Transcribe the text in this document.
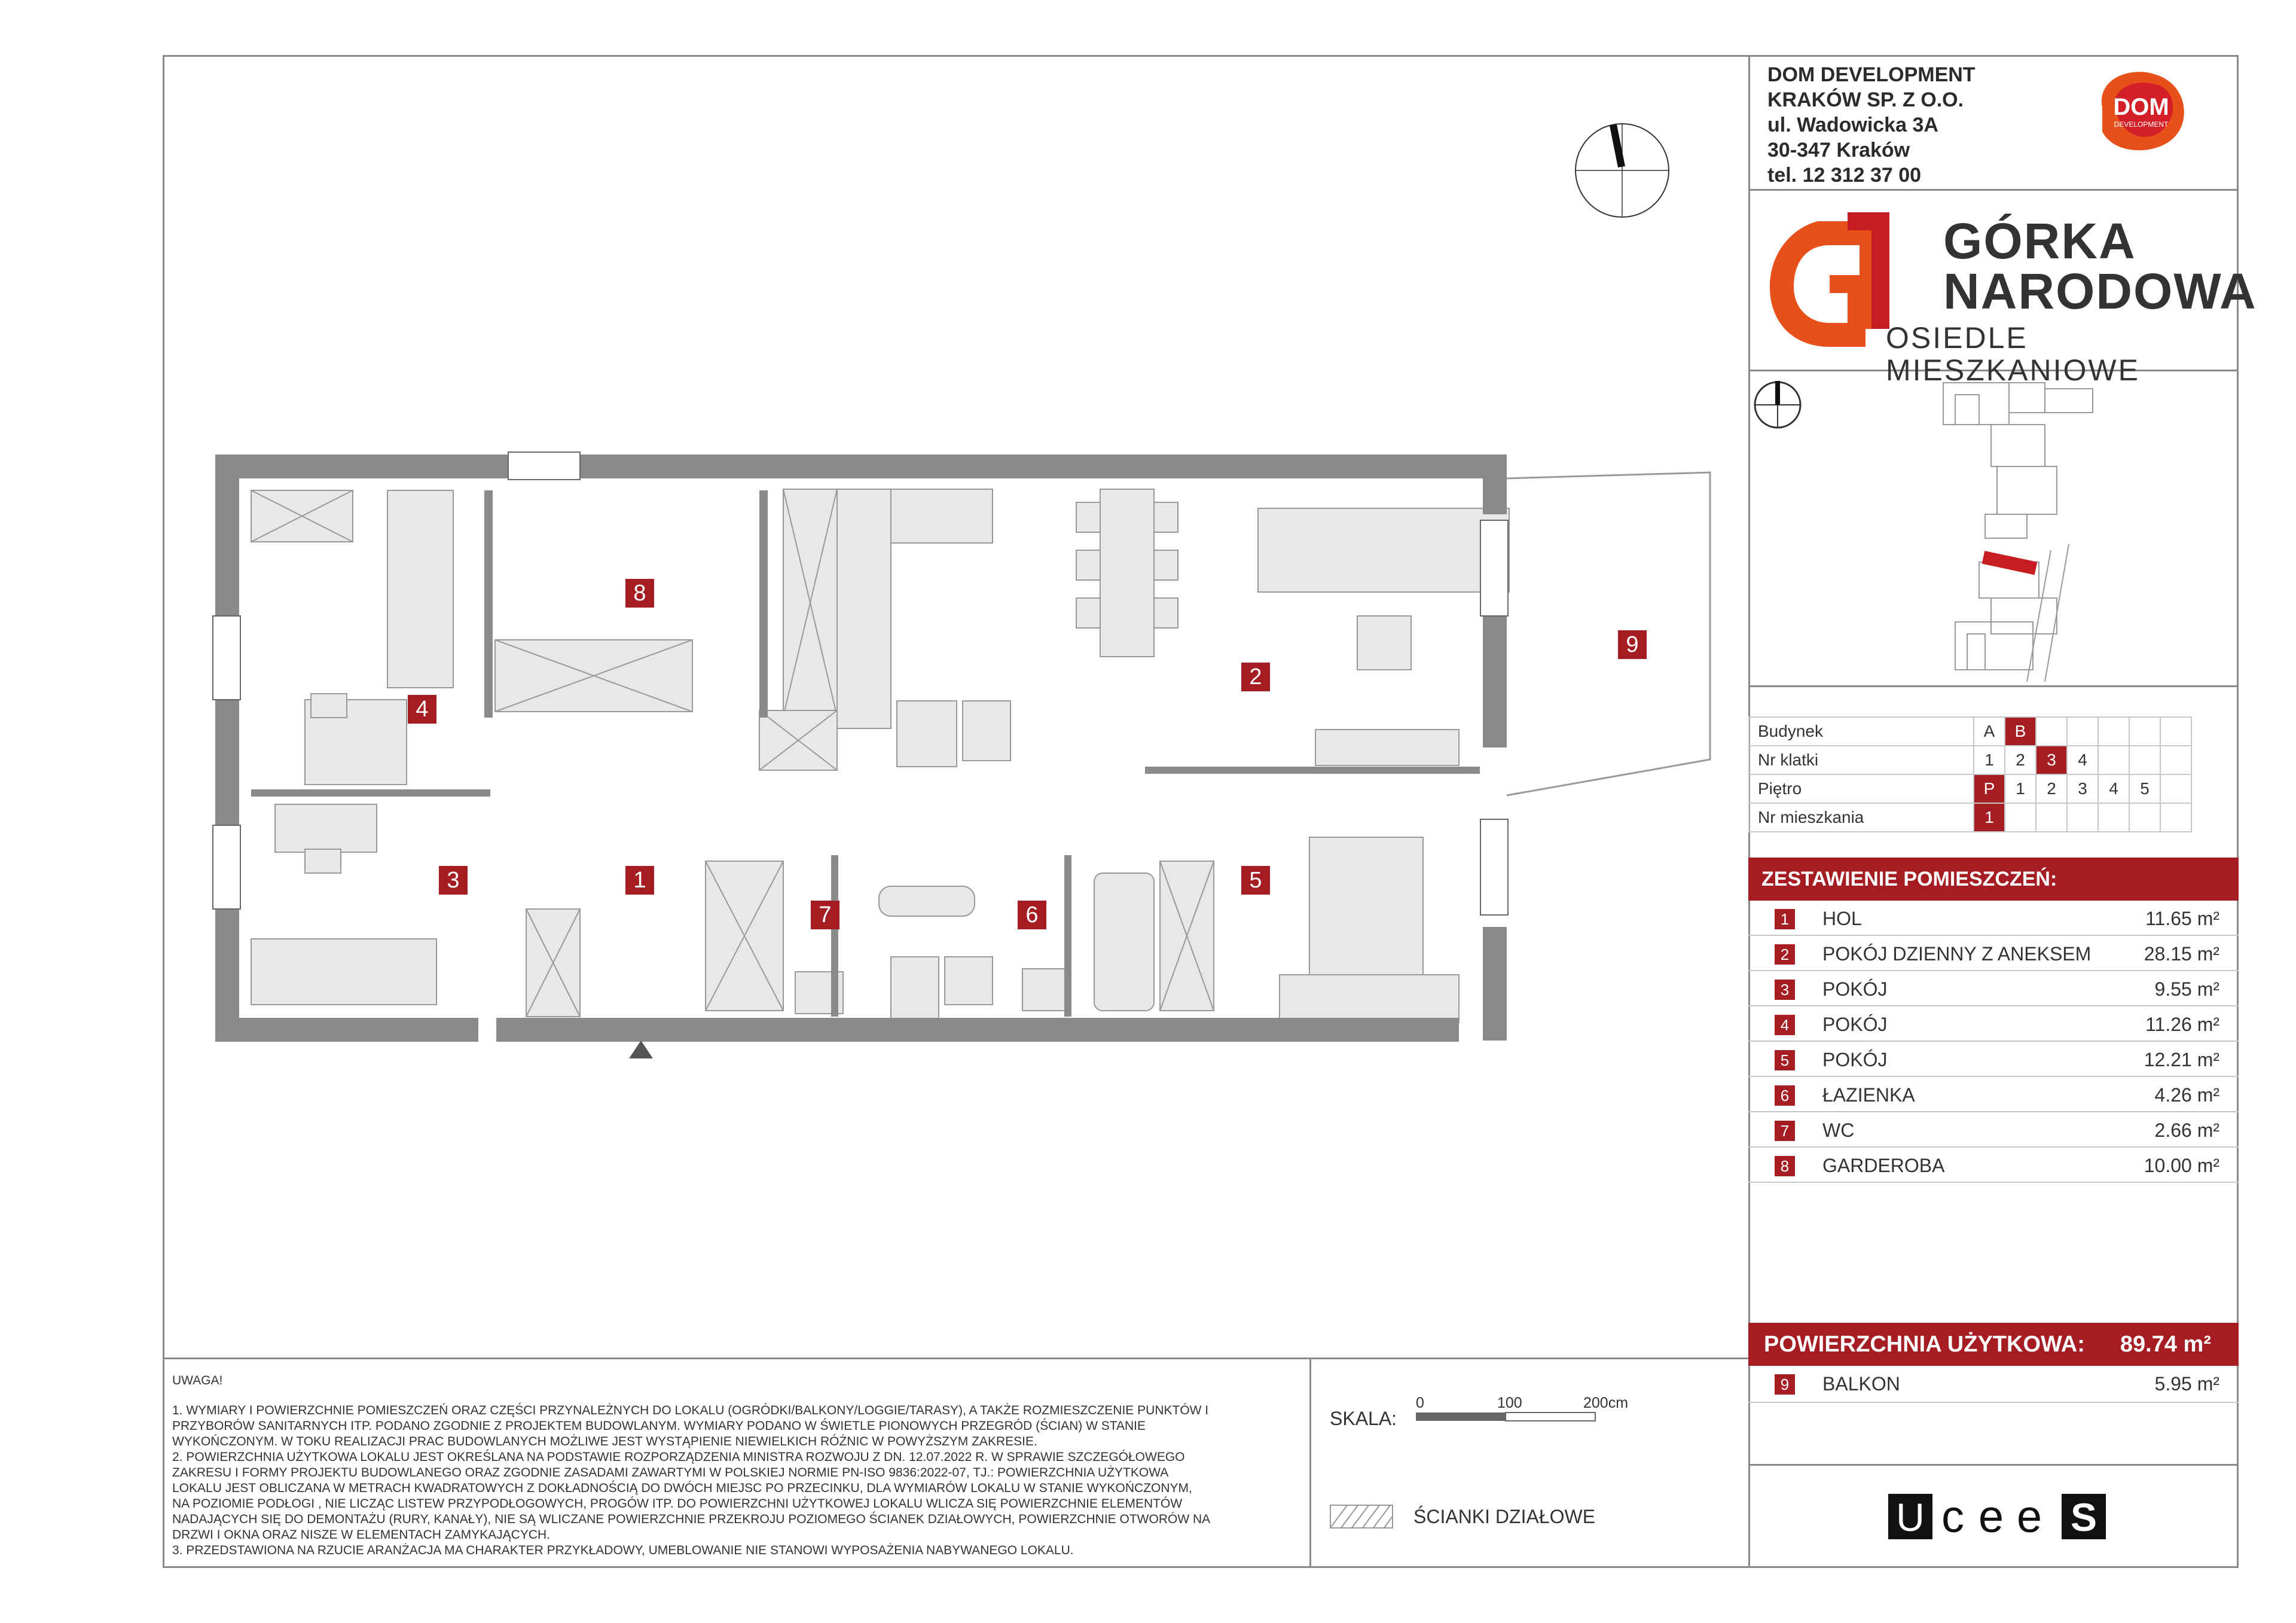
DOM DEVELOPMENT
KRAKÓW SP. Z O.O.
ul. Wadowicka 3A
30-347 Kraków
tel. 12 312 37 00
DOM
DEVELOPMENT
GÓRKA
NARODOWA
OSIEDLE MIESZKANIOWE
Budynek	A	B					
Nr klatki	1	2	3	4			
Piętro	P	1	2	3	4	5	
Nr mieszkania	1						
ZESTAWIENIE POMIESZCZEŃ:
1	HOL	11.65 m²
2	POKÓJ DZIENNY Z ANEKSEM	28.15 m²
3	POKÓJ	9.55 m²
4	POKÓJ	11.26 m²
5	POKÓJ	12.21 m²
6	ŁAZIENKA	4.26 m²
7	WC	2.66 m²
8	GARDEROBA	10.00 m²
POWIERZCHNIA UŻYTKOWA: 89.74 m²
9	BALKON	5.95 m²
UWAGA!

1. WYMIARY I POWIERZCHNIE POMIESZCZEŃ ORAZ CZĘŚCI PRZYNALEŻNYCH DO LOKALU (OGRÓDKI/BALKONY/LOGGIE/TARASY), A TAKŻE ROZMIESZCZENIE PUNKTÓW I

PRZYBORÓW SANITARNYCH ITP. PODANO ZGODNIE Z PROJEKTEM BUDOWLANYM. WYMIARY PODANO W ŚWIETLE PIONOWYCH PRZEGRÓD (ŚCIAN) W STANIE

WYKOŃCZONYM. W TOKU REALIZACJI PRAC BUDOWLANYCH MOŻLIWE JEST WYSTĄPIENIE NIEWIELKICH RÓŻNIC W POWYŻSZYM ZAKRESIE.

2. POWIERZCHNIA UŻYTKOWA LOKALU JEST OKREŚLANA NA PODSTAWIE ROZPORZĄDZENIA MINISTRA ROZWOJU Z DN. 12.07.2022 R. W SPRAWIE SZCZEGÓŁOWEGO

ZAKRESU I FORMY PROJEKTU BUDOWLANEGO ORAZ ZGODNIE ZASADAMI ZAWARTYMI W POLSKIEJ NORMIE PN-ISO 9836:2022-07, TJ.: POWIERZCHNIA UŻYTKOWA

LOKALU JEST OBLICZANA W METRACH KWADRATOWYCH Z DOKŁADNOŚCIĄ DO DWÓCH MIEJSC PO PRZECINKU, DLA WYMIARÓW LOKALU W STANIE WYKOŃCZONYM,

NA POZIOMIE PODŁOGI , NIE LICZĄC LISTEW PRZYPODŁOGOWYCH, PROGÓW ITP. DO POWIERZCHNI UŻYTKOWEJ LOKALU WLICZA SIĘ POWIERZCHNIE ELEMENTÓW

NADAJĄCYCH SIĘ DO DEMONTAŻU (RURY, KANAŁY), NIE SĄ WLICZANE POWIERZCHNIE PRZEKROJU POZIOMEGO ŚCIANEK DZIAŁOWYCH, POWIERZCHNIE OTWORÓW NA

DRZWI I OKNA ORAZ NISZE W ELEMENTACH ZAMYKAJĄCYCH.

3. PRZEDSTAWIONA NA RZUCIE ARANŻACJA MA CHARAKTER PRZYKŁADOWY, UMEBLOWANIE NIE STANOWI WYPOSAŻENIA NABYWANEGO LOKALU.

SKALA:
0	100	200cm
ŚCIANKI DZIAŁOWE	U c e e S
8
4
2
9
3	1
7	6
5
